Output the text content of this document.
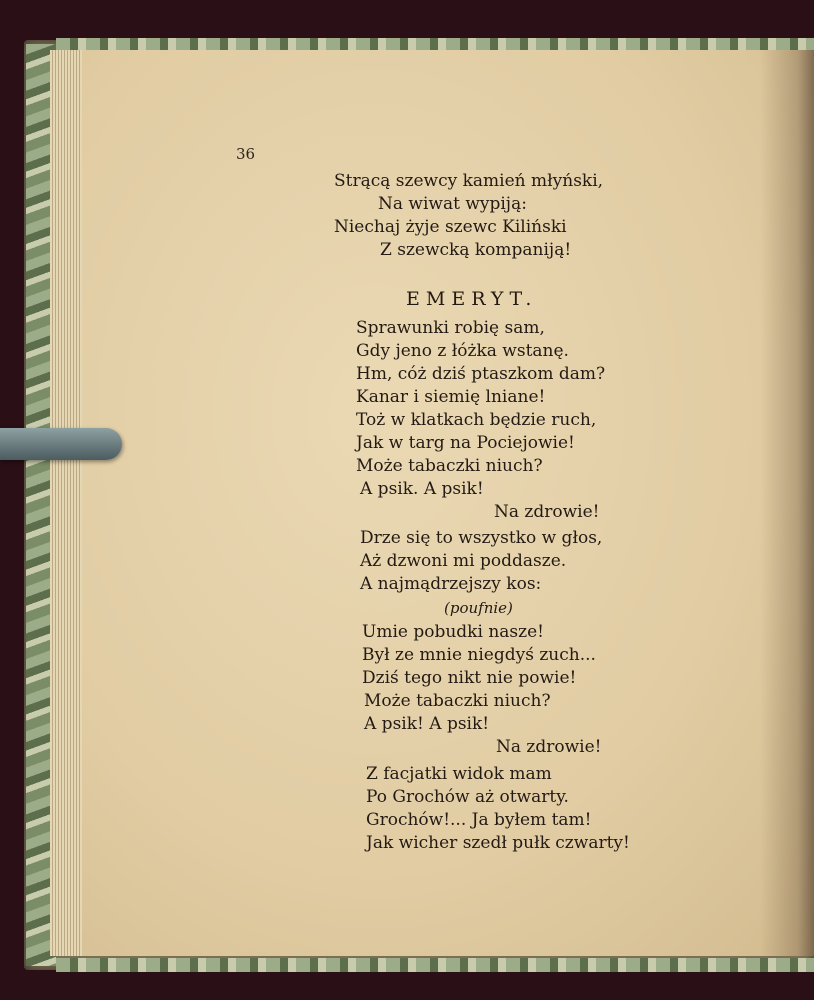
36
Strącą szewcy kamień młyński,
Na wiwat wypiją:
Niechaj żyje szewc Kiliński
Z szewcką kompaniją!
EMERYT.
Sprawunki robię sam,
Gdy jeno z łóżka wstanę.
Hm, cóż dziś ptaszkom dam?
Kanar i siemię lniane!
Toż w klatkach będzie ruch,
Jak w targ na Pociejowie!
Może tabaczki niuch?
A psik. A psik!
Na zdrowie!
Drze się to wszystko w głos,
Aż dzwoni mi poddasze.
A najmądrzejszy kos:
(poufnie)
Umie pobudki nasze!
Był ze mnie niegdyś zuch...
Dziś tego nikt nie powie!
Może tabaczki niuch?
A psik! A psik!
Na zdrowie!
Z facjatki widok mam
Po Grochów aż otwarty.
Grochów!... Ja byłem tam!
Jak wicher szedł pułk czwarty!
